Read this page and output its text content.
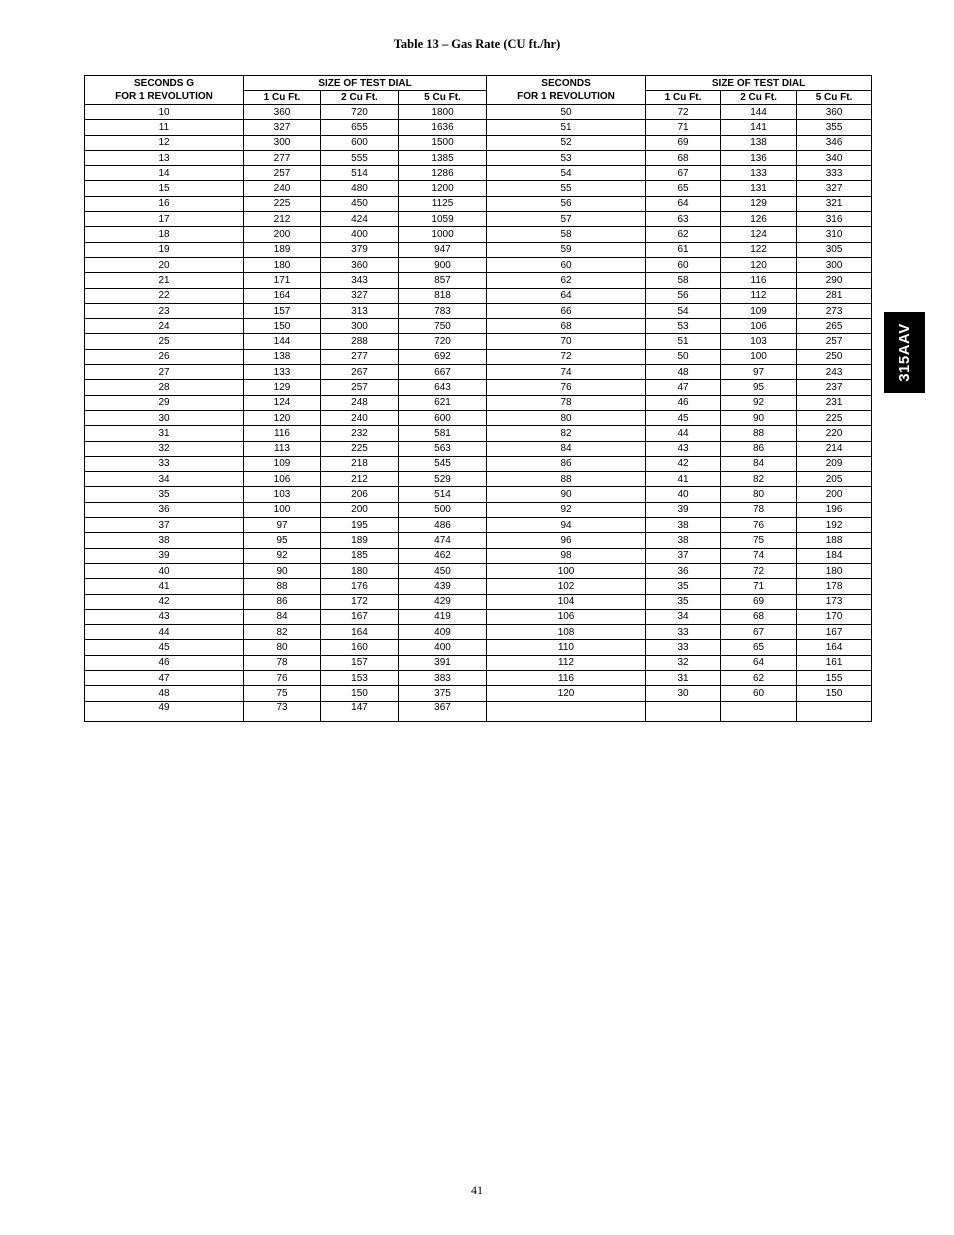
Table 13 – Gas Rate (CU ft./hr)
SECONDS G
FOR 1 REVOLUTION	SIZE OF TEST DIAL			SECONDS
FOR 1 REVOLUTION	SIZE OF TEST DIAL		
	1 Cu Ft.	2 Cu Ft.	5 Cu Ft.		1 Cu Ft.	2 Cu Ft.	5 Cu Ft.
10	360	720	1800	50	72	144	360
11	327	655	1636	51	71	141	355
12	300	600	1500	52	69	138	346
13	277	555	1385	53	68	136	340
14	257	514	1286	54	67	133	333
15	240	480	1200	55	65	131	327
16	225	450	1125	56	64	129	321
17	212	424	1059	57	63	126	316
18	200	400	1000	58	62	124	310
19	189	379	947	59	61	122	305
20	180	360	900	60	60	120	300
21	171	343	857	62	58	116	290
22	164	327	818	64	56	112	281
23	157	313	783	66	54	109	273
24	150	300	750	68	53	106	265
25	144	288	720	70	51	103	257
26	138	277	692	72	50	100	250
27	133	267	667	74	48	97	243
28	129	257	643	76	47	95	237
29	124	248	621	78	46	92	231
30	120	240	600	80	45	90	225
31	116	232	581	82	44	88	220
32	113	225	563	84	43	86	214
33	109	218	545	86	42	84	209
34	106	212	529	88	41	82	205
35	103	206	514	90	40	80	200
36	100	200	500	92	39	78	196
37	97	195	486	94	38	76	192
38	95	189	474	96	38	75	188
39	92	185	462	98	37	74	184
40	90	180	450	100	36	72	180
41	88	176	439	102	35	71	178
42	86	172	429	104	35	69	173
43	84	167	419	106	34	68	170
44	82	164	409	108	33	67	167
45	80	160	400	110	33	65	164
46	78	157	391	112	32	64	161
47	76	153	383	116	31	62	155
48	75	150	375	120	30	60	150
49	73	147	367				
315AAV
41
